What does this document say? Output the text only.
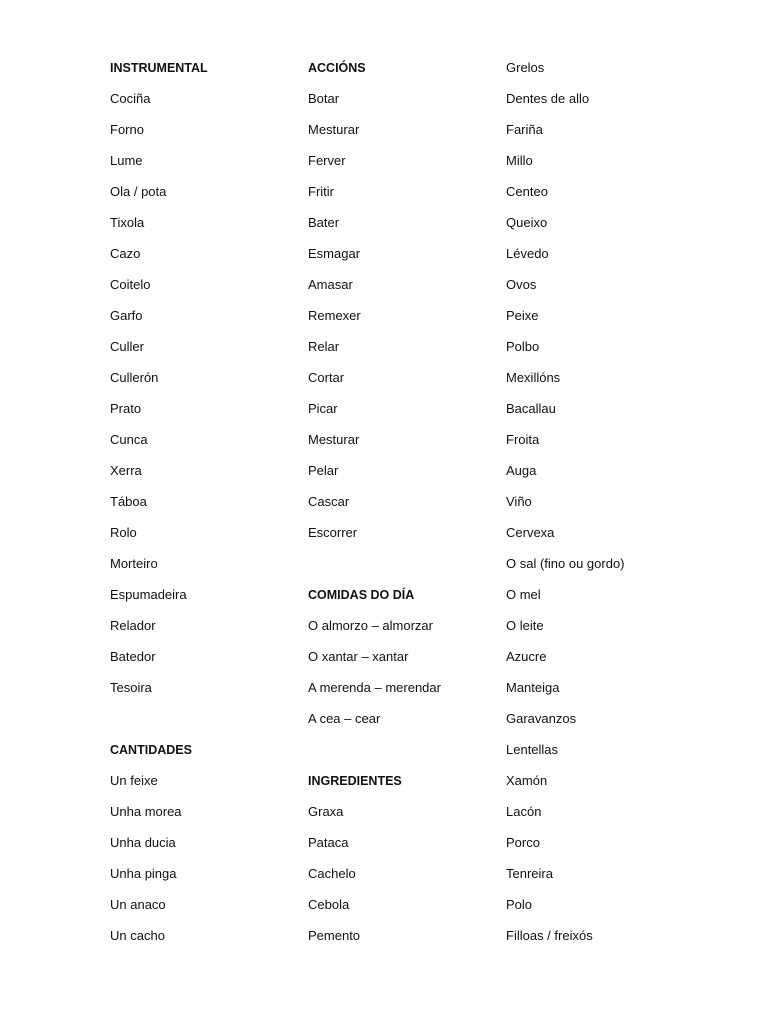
INSTRUMENTAL
Cociña
Forno
Lume
Ola / pota
Tixola
Cazo
Coitelo
Garfo
Culler
Cullerón
Prato
Cunca
Xerra
Táboa
Rolo
Morteiro
Espumadeira
Relador
Batedor
Tesoira
CANTIDADES
Un feixe
Unha morea
Unha ducia
Unha pinga
Un anaco
Un cacho
ACCIÓNS
Botar
Mesturar
Ferver
Fritir
Bater
Esmagar
Amasar
Remexer
Relar
Cortar
Picar
Mesturar
Pelar
Cascar
Escorrer
COMIDAS DO DÍA
O almorzo – almorzar
O xantar – xantar
A merenda – merendar
A cea – cear
INGREDIENTES
Graxa
Pataca
Cachelo
Cebola
Pemento
Grelos
Dentes de allo
Fariña
Millo
Centeo
Queixo
Lévedo
Ovos
Peixe
Polbo
Mexillóns
Bacallau
Froita
Auga
Viño
Cervexa
O sal (fino ou gordo)
O mel
O leite
Azucre
Manteiga
Garavanzos
Lentellas
Xamón
Lacón
Porco
Tenreira
Polo
Filloas / freixós
